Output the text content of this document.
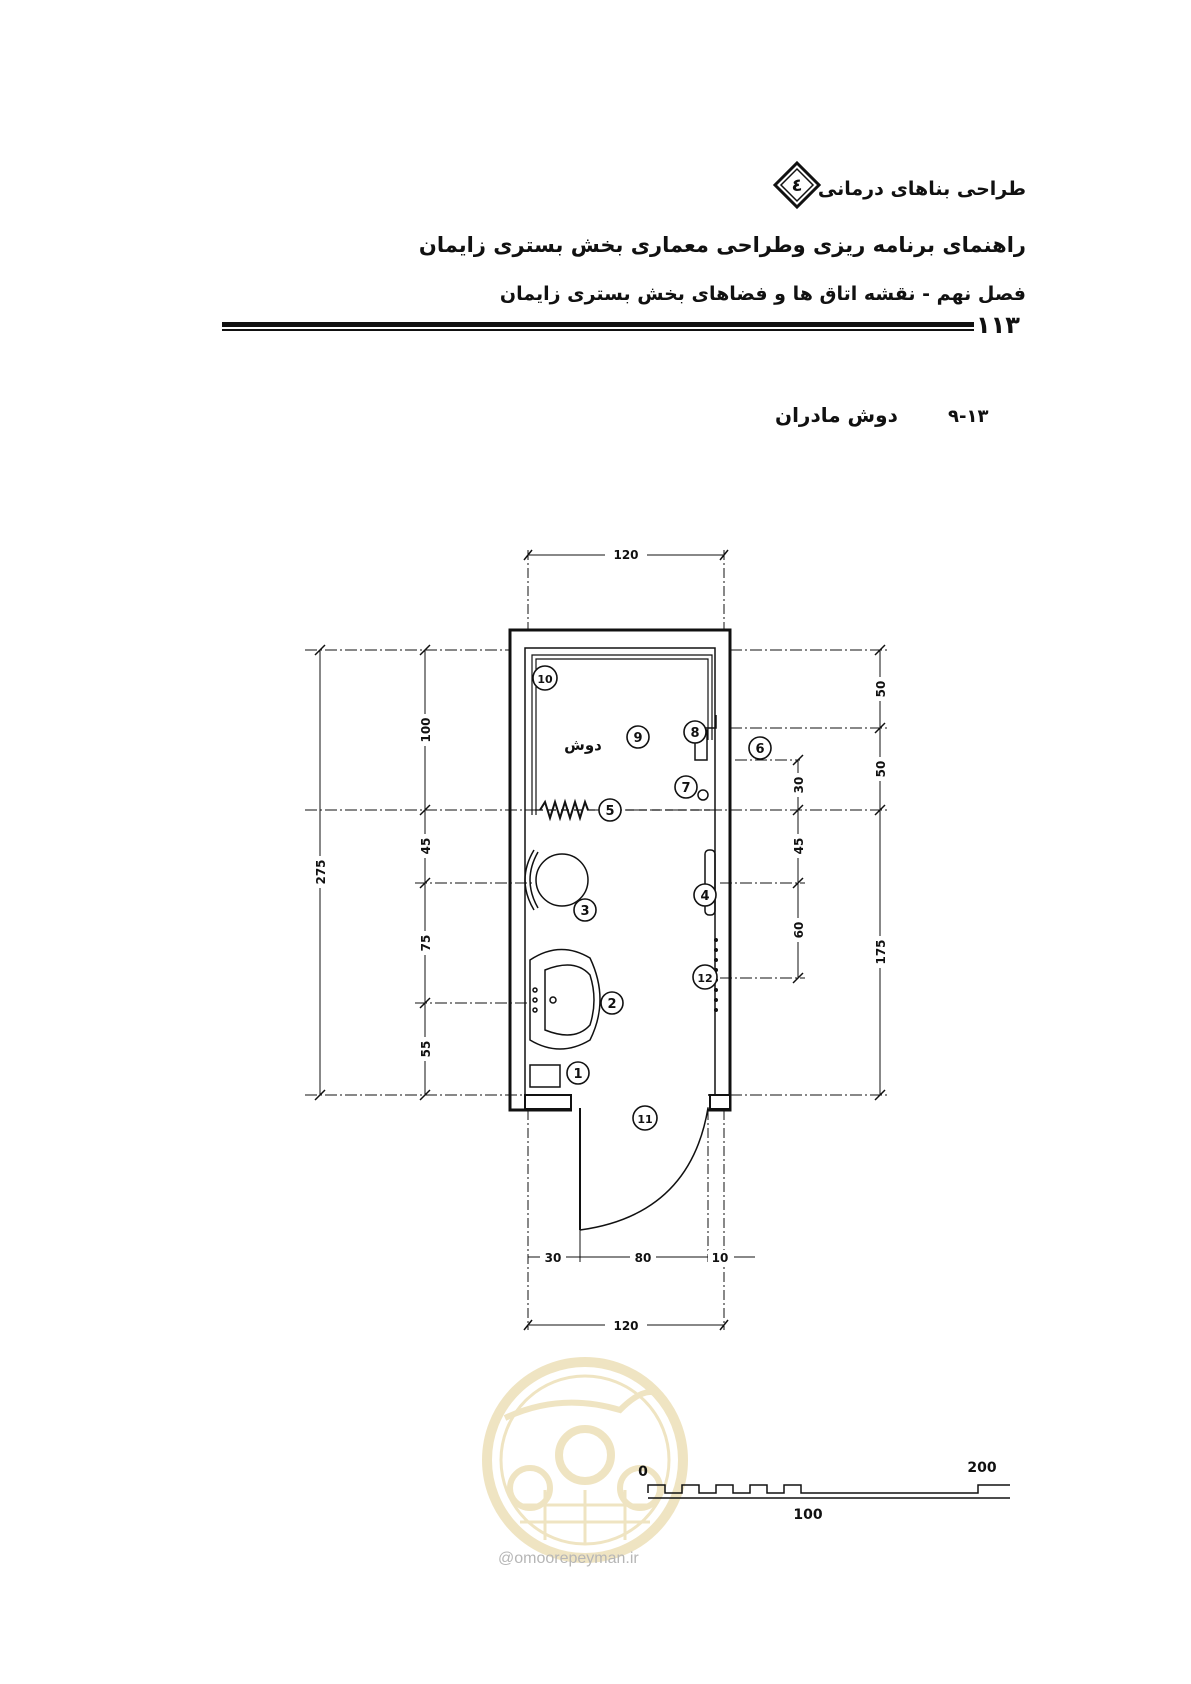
طراحی بناهای درمانی
٤
راهنمای برنامه ریزی وطراحی معماری بخش بستری زایمان
فصل نهم - نقشه اتاق ها و فضاهای بخش بستری زایمان
۱۱۳
۹-۱۳
دوش مادران
دوش
120
120
30	80	10
275
100
45
75
55
50
50
175
30
45
60
1
2
3
4
5
6
7
8
9
10
11
12
0
100
200
@omoorepeyman.ir
